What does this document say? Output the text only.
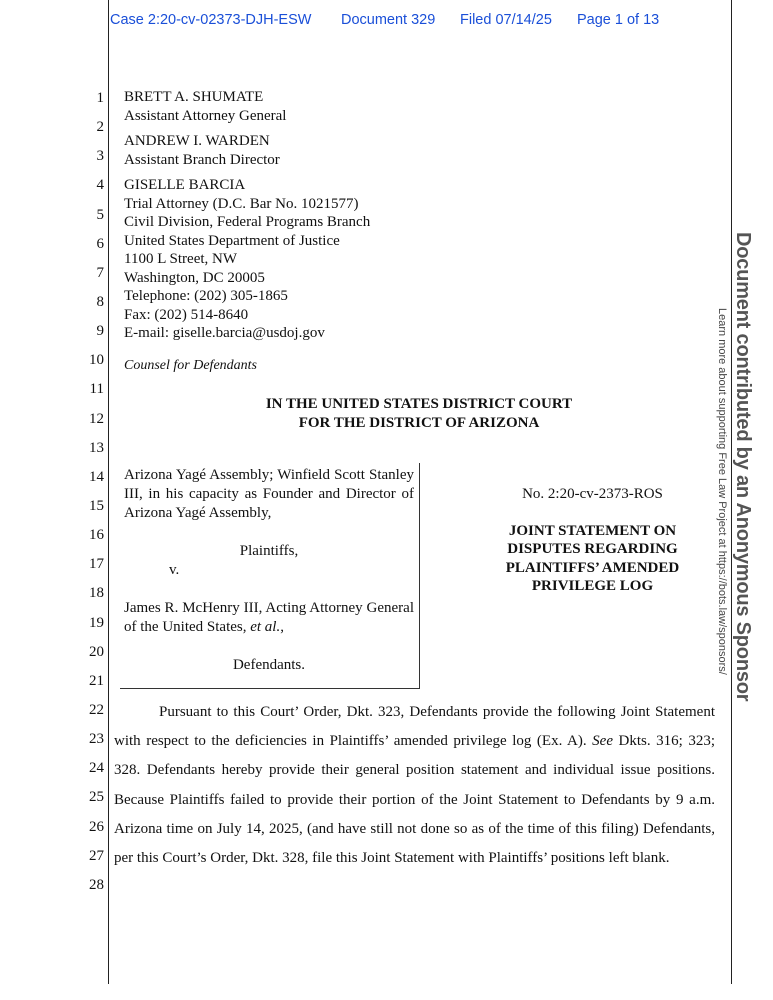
Case 2:20-cv-02373-DJH-ESW Document 329 Filed 07/14/25 Page 1 of 13
1
2
3
4
5
6
7
8
9
10
11
12
13
14
15
16
17
18
19
20
21
22
23
24
25
26
27
28
BRETT A. SHUMATE
Assistant Attorney General
ANDREW I. WARDEN
Assistant Branch Director
GISELLE BARCIA
Trial Attorney (D.C. Bar No. 1021577)
Civil Division, Federal Programs Branch
United States Department of Justice
1100 L Street, NW
Washington, DC 20005
Telephone: (202) 305-1865
Fax: (202) 514-8640
E-mail: giselle.barcia@usdoj.gov
Counsel for Defendants
IN THE UNITED STATES DISTRICT COURT
FOR THE DISTRICT OF ARIZONA
Arizona Yagé Assembly; Winfield Scott Stanley III, in his capacity as Founder and Director of Arizona Yagé Assembly,
Plaintiffs,
v.
James R. McHenry III, Acting Attorney General of the United States, et al.,
Defendants.
No. 2:20-cv-2373-ROS
JOINT STATEMENT ON
DISPUTES REGARDING
PLAINTIFFS’ AMENDED
PRIVILEGE LOG
Pursuant to this Court’ Order, Dkt. 323, Defendants provide the following Joint Statement with respect to the deficiencies in Plaintiffs’ amended privilege log (Ex. A). See Dkts. 316; 323; 328. Defendants hereby provide their general position statement and individual issue positions. Because Plaintiffs failed to provide their portion of the Joint Statement to Defendants by 9 a.m. Arizona time on July 14, 2025, (and have still not done so as of the time of this filing) Defendants, per this Court’s Order, Dkt. 328, file this Joint Statement with Plaintiffs’ positions left blank.
Document contributed by an Anonymous Sponsor
Learn more about supporting Free Law Project at https://bots.law/sponsors/
